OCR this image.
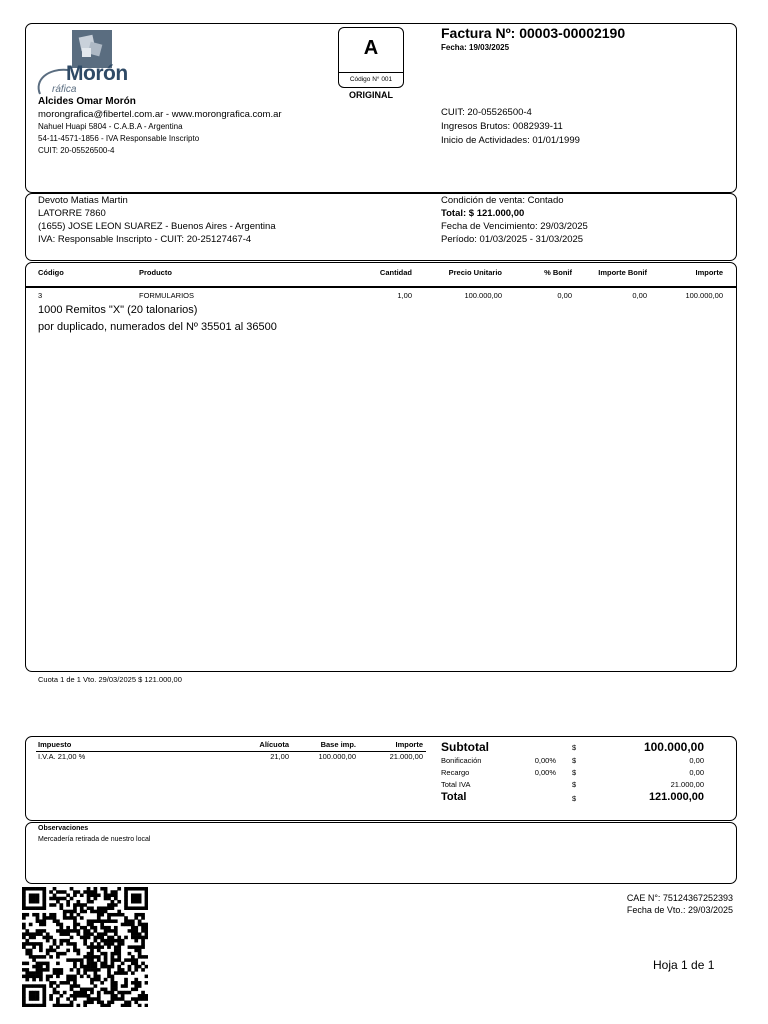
Morón
ráfica
Alcides Omar Morón
morongrafica@fibertel.com.ar - www.morongrafica.com.ar
Nahuel Huapi 5804 - C.A.B.A - Argentina
54-11-4571-1856 - IVA Responsable Inscripto
CUIT: 20-05526500-4
A
Código N° 001
ORIGINAL
Factura Nº: 00003-00002190
Fecha: 19/03/2025
CUIT: 20-05526500-4
Ingresos Brutos: 0082939-11
Inicio de Actividades: 01/01/1999
Devoto Matias Martin
LATORRE 7860
(1655) JOSE LEON SUAREZ - Buenos Aires - Argentina
IVA: Responsable Inscripto - CUIT: 20-25127467-4
Condición de venta: Contado
Total: $ 121.000,00
Fecha de Vencimiento: 29/03/2025
Período: 01/03/2025 - 31/03/2025
Código	Producto	Cantidad	Precio Unitario	% Bonif	Importe Bonif	Importe
3	FORMULARIOS	1,00	100.000,00	0,00	0,00	100.000,00
1000 Remitos "X" (20 talonarios)
por duplicado, numerados del Nº 35501 al 36500
Cuota 1 de 1 Vto. 29/03/2025 $ 121.000,00
Impuesto	Alícuota	Base imp.	Importe
I.V.A. 21,00 %	21,00	100.000,00	21.000,00
Subtotal	$	100.000,00
Bonificación	0,00% $	0,00
Recargo	0,00% $	0,00
Total IVA	$	21.000,00
Total	$	121.000,00
Observaciones
Mercadería retirada de nuestro local
CAE N°: 75124367252393
Fecha de Vto.: 29/03/2025
Hoja 1 de 1
